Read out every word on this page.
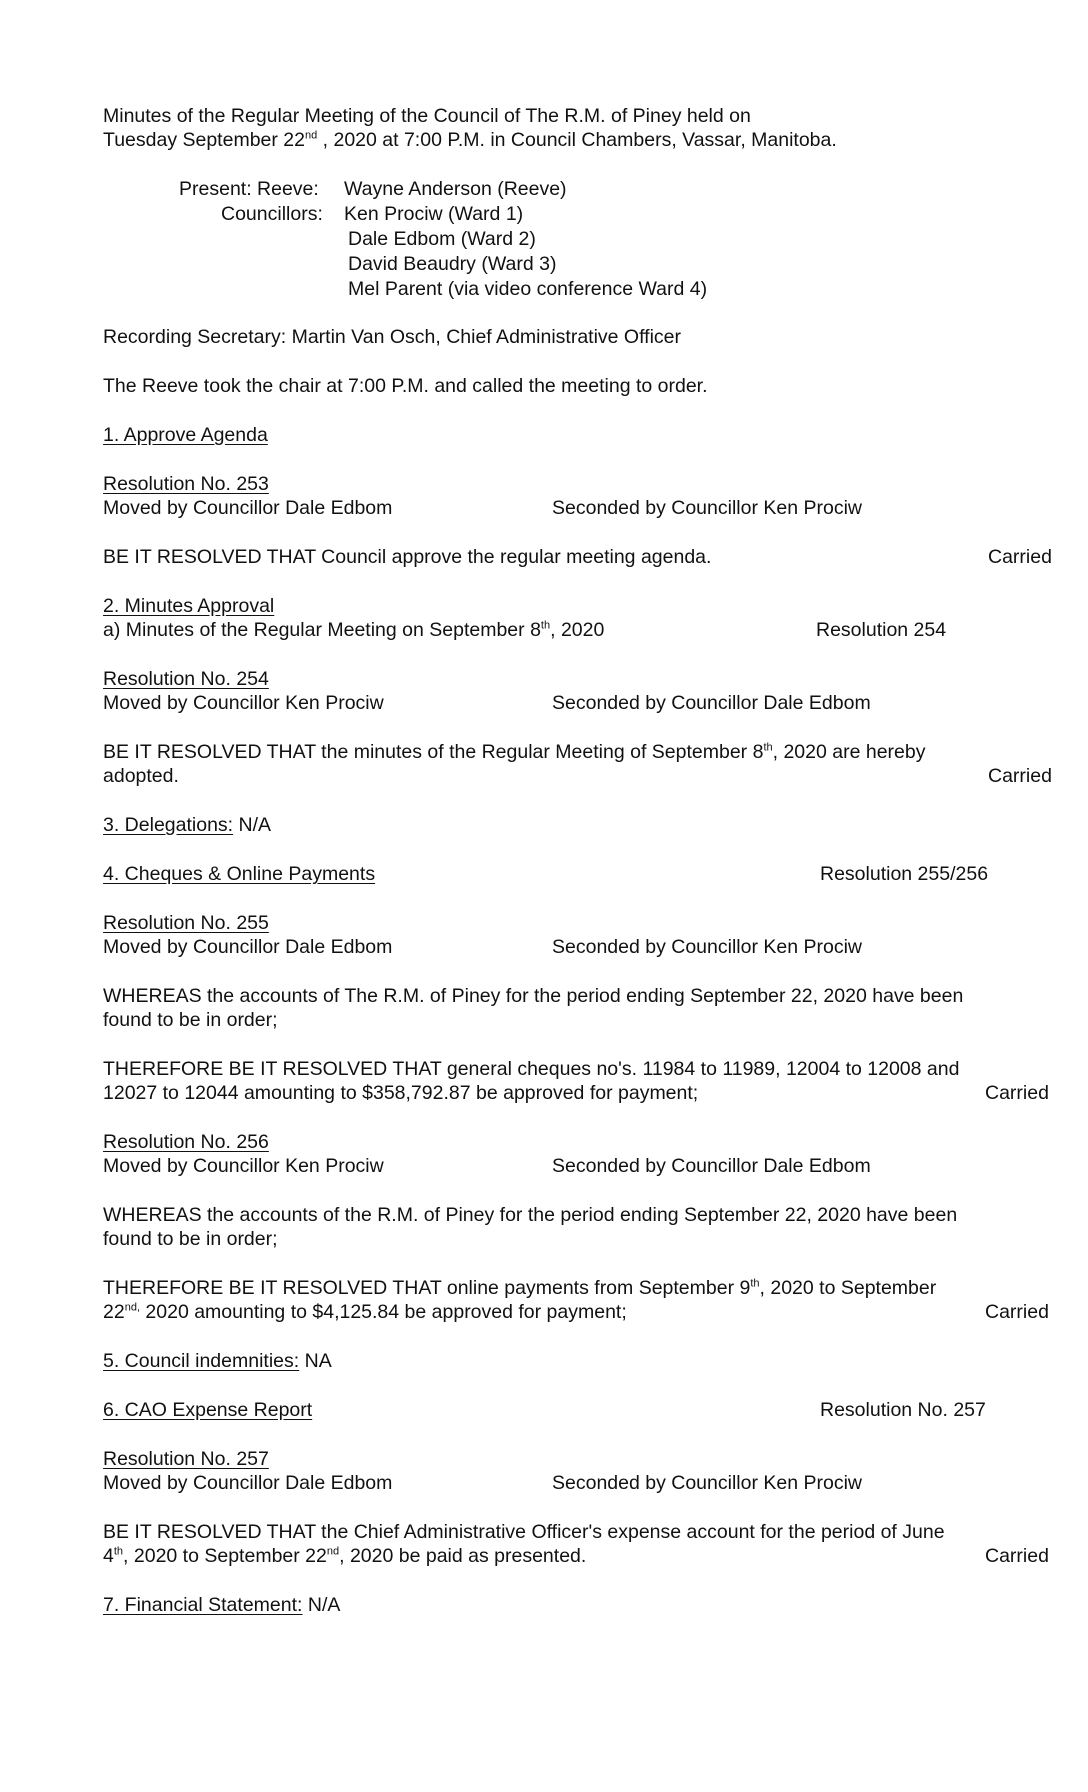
Minutes of the Regular Meeting of the Council of The R.M. of Piney held on
Tuesday September 22nd , 2020 at 7:00 P.M. in Council Chambers, Vassar, Manitoba.
Present: Reeve: Wayne Anderson (Reeve)
Councillors: Ken Prociw (Ward 1)
Dale Edbom (Ward 2)
David Beaudry (Ward 3)
Mel Parent (via video conference Ward 4)
Recording Secretary: Martin Van Osch, Chief Administrative Officer
The Reeve took the chair at 7:00 P.M. and called the meeting to order.
1. Approve Agenda
Resolution No. 253
Moved by Councillor Dale Edbom	Seconded by Councillor Ken Prociw
BE IT RESOLVED THAT Council approve the regular meeting agenda.	Carried
2. Minutes Approval
a) Minutes of the Regular Meeting on September 8th, 2020	Resolution 254
Resolution No. 254
Moved by Councillor Ken Prociw	Seconded by Councillor Dale Edbom
BE IT RESOLVED THAT the minutes of the Regular Meeting of September 8th, 2020 are hereby
adopted.	Carried
3. Delegations: N/A
4. Cheques & Online Payments	Resolution 255/256
Resolution No. 255
Moved by Councillor Dale Edbom	Seconded by Councillor Ken Prociw
WHEREAS the accounts of The R.M. of Piney for the period ending September 22, 2020 have been
found to be in order;
THEREFORE BE IT RESOLVED THAT general cheques no's. 11984 to 11989, 12004 to 12008 and
12027 to 12044 amounting to $358,792.87 be approved for payment;	Carried
Resolution No. 256
Moved by Councillor Ken Prociw	Seconded by Councillor Dale Edbom
WHEREAS the accounts of the R.M. of Piney for the period ending September 22, 2020 have been
found to be in order;
THEREFORE BE IT RESOLVED THAT online payments from September 9th, 2020 to September
$22^{nd,}$ 2020 amounting to $4,125.84 be approved for payment;	Carried
5. Council indemnities: NA
6. CAO Expense Report	Resolution No. 257
Resolution No. 257
Moved by Councillor Dale Edbom	Seconded by Councillor Ken Prociw
BE IT RESOLVED THAT the Chief Administrative Officer's expense account for the period of June
4th, 2020 to September 22nd, 2020 be paid as presented.	Carried
7. Financial Statement: N/A
